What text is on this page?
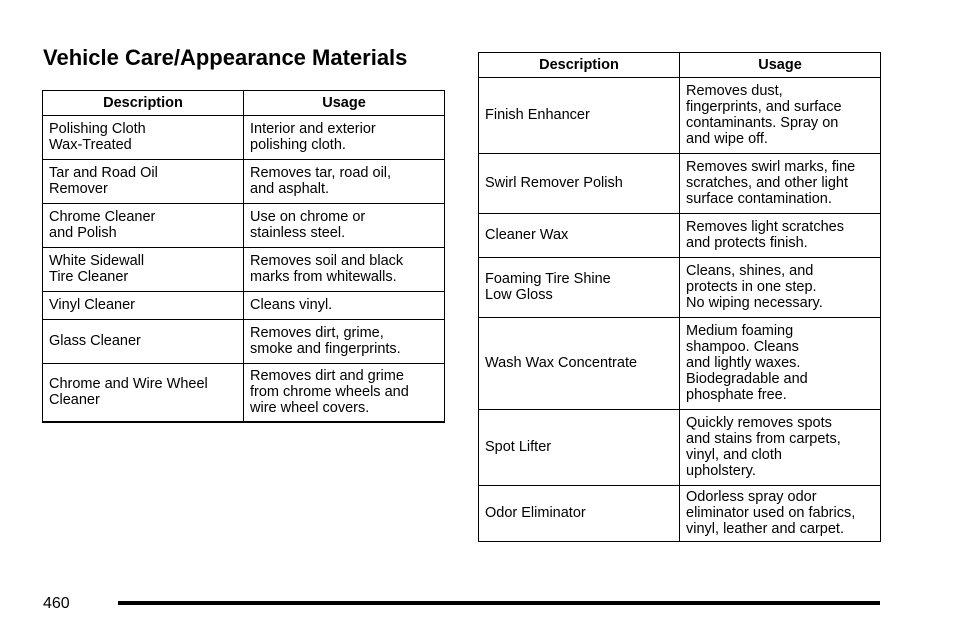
Vehicle Care/Appearance Materials
Description	Usage

Polishing Cloth
Wax-Treated	Interior and exterior
polishing cloth.

Tar and Road Oil
Remover	Removes tar, road oil,
and asphalt.

Chrome Cleaner
and Polish	Use on chrome or
stainless steel.

White Sidewall
Tire Cleaner	Removes soil and black
marks from whitewalls.

Vinyl Cleaner	Cleans vinyl.

Glass Cleaner	Removes dirt, grime,
smoke and fingerprints.

Chrome and Wire Wheel
Cleaner	Removes dirt and grime
from chrome wheels and
wire wheel covers.
Description	Usage

Finish Enhancer	Removes dust,
fingerprints, and surface
contaminants. Spray on
and wipe off.

Swirl Remover Polish	Removes swirl marks, fine
scratches, and other light
surface contamination.

Cleaner Wax	Removes light scratches
and protects finish.

Foaming Tire Shine
Low Gloss	Cleans, shines, and
protects in one step.
No wiping necessary.

Wash Wax Concentrate	Medium foaming
shampoo. Cleans
and lightly waxes.
Biodegradable and
phosphate free.

Spot Lifter	Quickly removes spots
and stains from carpets,
vinyl, and cloth
upholstery.

Odor Eliminator	Odorless spray odor
eliminator used on fabrics,
vinyl, leather and carpet.
460
